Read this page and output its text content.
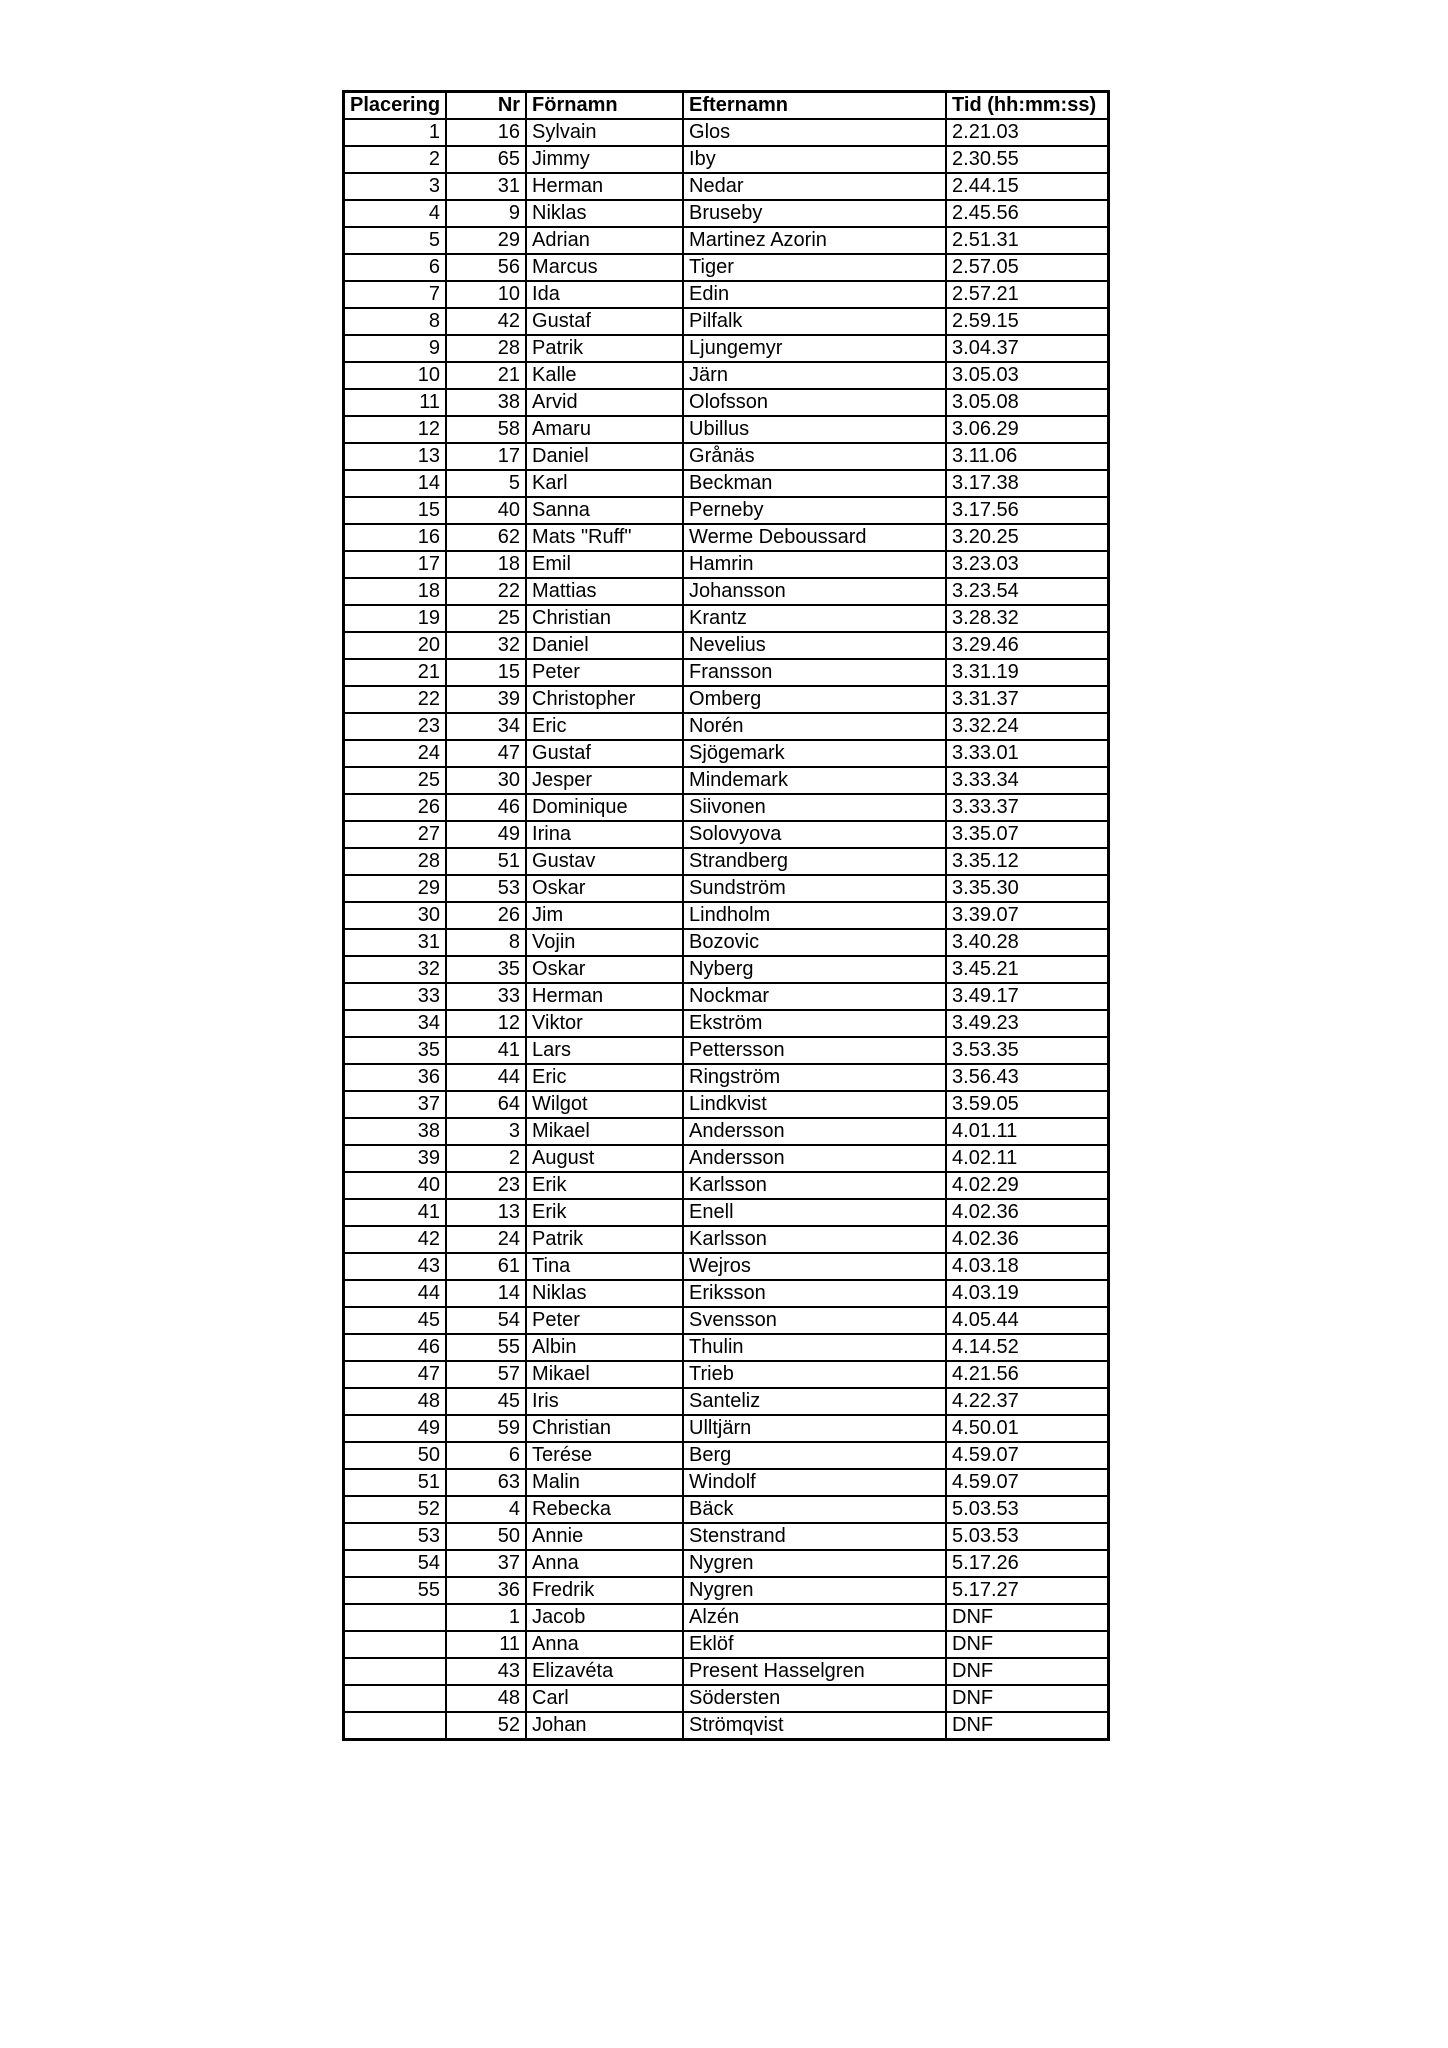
Placering	Nr	Förnamn	Efternamn	Tid (hh:mm:ss)
1	16	Sylvain	Glos	2.21.03
2	65	Jimmy	Iby	2.30.55
3	31	Herman	Nedar	2.44.15
4	9	Niklas	Bruseby	2.45.56
5	29	Adrian	Martinez Azorin	2.51.31
6	56	Marcus	Tiger	2.57.05
7	10	Ida	Edin	2.57.21
8	42	Gustaf	Pilfalk	2.59.15
9	28	Patrik	Ljungemyr	3.04.37
10	21	Kalle	Järn	3.05.03
11	38	Arvid	Olofsson	3.05.08
12	58	Amaru	Ubillus	3.06.29
13	17	Daniel	Grånäs	3.11.06
14	5	Karl	Beckman	3.17.38
15	40	Sanna	Perneby	3.17.56
16	62	Mats "Ruff"	Werme Deboussard	3.20.25
17	18	Emil	Hamrin	3.23.03
18	22	Mattias	Johansson	3.23.54
19	25	Christian	Krantz	3.28.32
20	32	Daniel	Nevelius	3.29.46
21	15	Peter	Fransson	3.31.19
22	39	Christopher	Omberg	3.31.37
23	34	Eric	Norén	3.32.24
24	47	Gustaf	Sjögemark	3.33.01
25	30	Jesper	Mindemark	3.33.34
26	46	Dominique	Siivonen	3.33.37
27	49	Irina	Solovyova	3.35.07
28	51	Gustav	Strandberg	3.35.12
29	53	Oskar	Sundström	3.35.30
30	26	Jim	Lindholm	3.39.07
31	8	Vojin	Bozovic	3.40.28
32	35	Oskar	Nyberg	3.45.21
33	33	Herman	Nockmar	3.49.17
34	12	Viktor	Ekström	3.49.23
35	41	Lars	Pettersson	3.53.35
36	44	Eric	Ringström	3.56.43
37	64	Wilgot	Lindkvist	3.59.05
38	3	Mikael	Andersson	4.01.11
39	2	August	Andersson	4.02.11
40	23	Erik	Karlsson	4.02.29
41	13	Erik	Enell	4.02.36
42	24	Patrik	Karlsson	4.02.36
43	61	Tina	Wejros	4.03.18
44	14	Niklas	Eriksson	4.03.19
45	54	Peter	Svensson	4.05.44
46	55	Albin	Thulin	4.14.52
47	57	Mikael	Trieb	4.21.56
48	45	Iris	Santeliz	4.22.37
49	59	Christian	Ulltjärn	4.50.01
50	6	Terése	Berg	4.59.07
51	63	Malin	Windolf	4.59.07
52	4	Rebecka	Bäck	5.03.53
53	50	Annie	Stenstrand	5.03.53
54	37	Anna	Nygren	5.17.26
55	36	Fredrik	Nygren	5.17.27
	1	Jacob	Alzén	DNF
	11	Anna	Eklöf	DNF
	43	Elizavéta	Present Hasselgren	DNF
	48	Carl	Södersten	DNF
	52	Johan	Strömqvist	DNF
